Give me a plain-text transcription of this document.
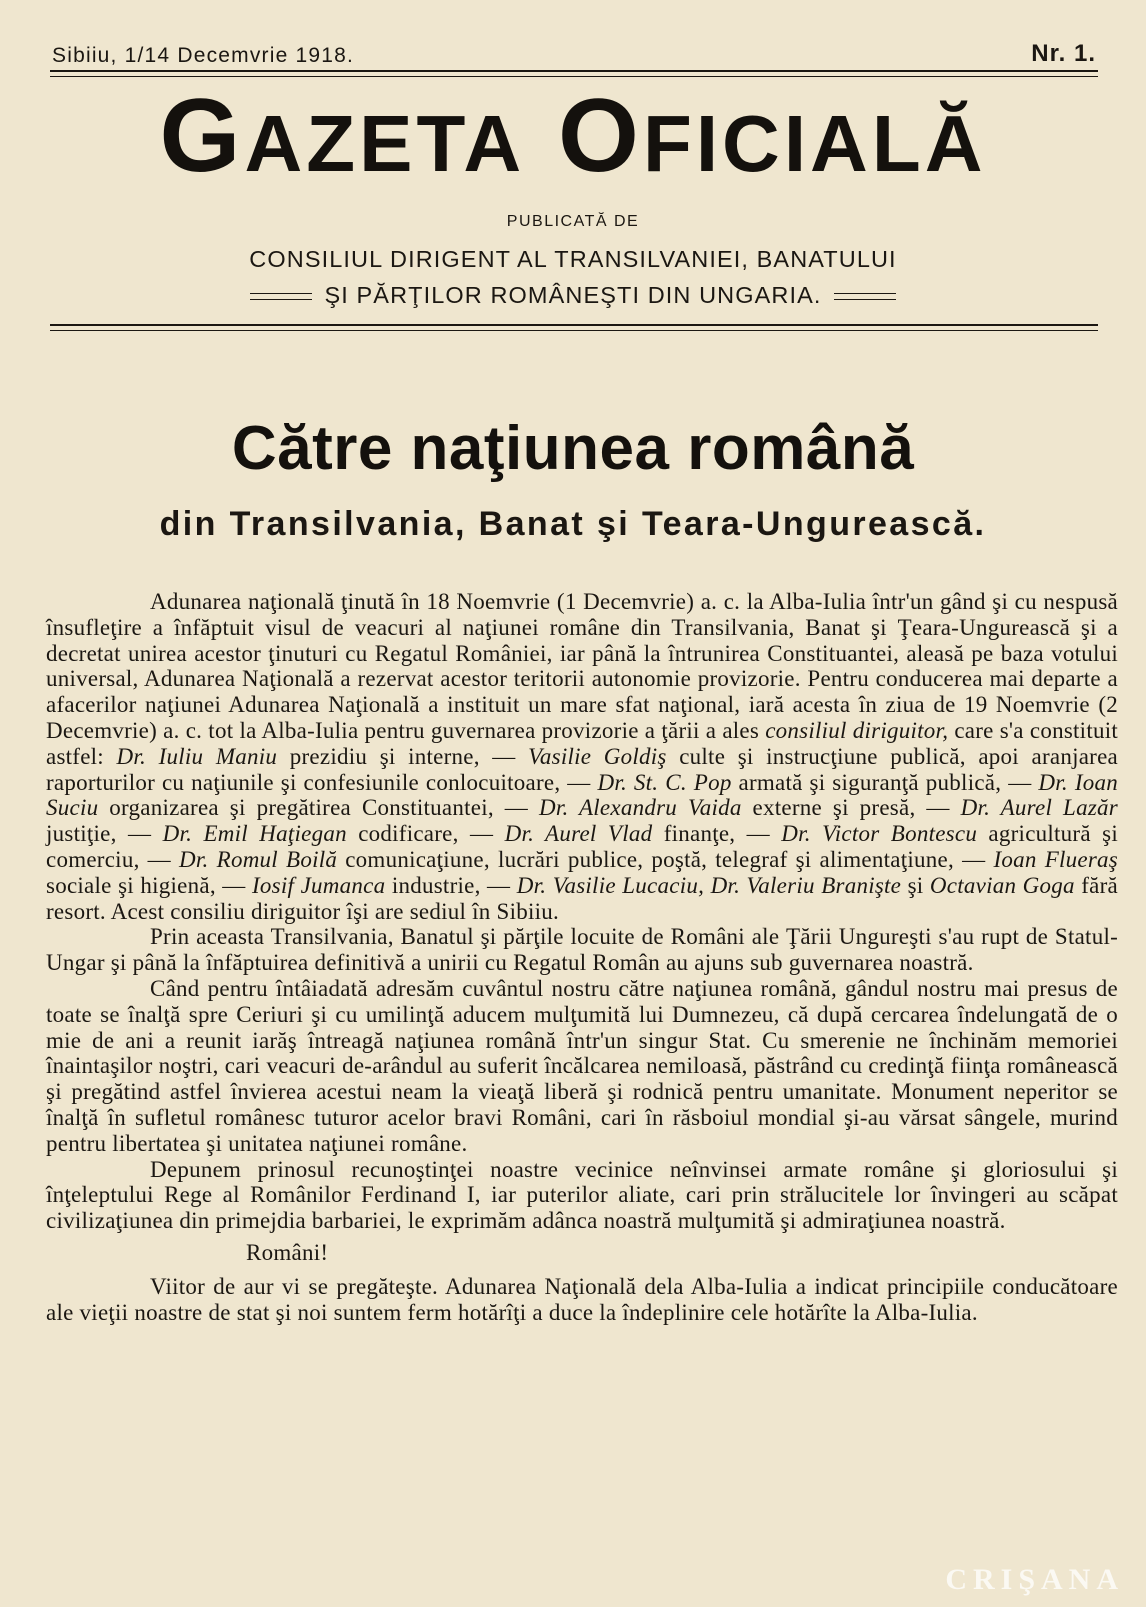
Sibiiu, 1/14 Decemvrie 1918.	Nr. 1.
GAZETA OFICIALĂ
PUBLICATĂ DE
CONSILIUL DIRIGENT AL TRANSILVANIEI, BANATULUI
ŞI PĂRŢILOR ROMÂNEŞTI DIN UNGARIA.
Către naţiunea română
din Transilvania, Banat şi Teara-Ungurească.

Adunarea naţională ţinută în 18 Noemvrie (1 Decemvrie) a. c. la Alba-Iulia într'un gând şi cu nespusă însufleţire a înfăptuit visul de veacuri al naţiunei române din Transilvania, Banat şi Ţeara-Ungurească şi a decretat unirea acestor ţinuturi cu Regatul României, iar până la întrunirea Constituantei, aleasă pe baza votului universal, Adunarea Naţională a rezervat acestor teritorii autonomie provizorie. Pentru conducerea mai departe a afacerilor naţiunei Adunarea Naţională a instituit un mare sfat naţional, iară acesta în ziua de 19 Noemvrie (2 Decemvrie) a. c. tot la Alba-Iulia pentru guvernarea provizorie a ţării a ales consiliul diriguitor, care s'a constituit astfel: Dr. Iuliu Maniu prezidiu şi interne, — Vasilie Goldiş culte şi instrucţiune publică, apoi aranjarea raporturilor cu naţiunile şi confesiunile conlocuitoare, — Dr. St. C. Pop armată şi siguranţă publică, — Dr. Ioan Suciu organizarea şi pregătirea Constituantei, — Dr. Alexandru Vaida externe şi presă, — Dr. Aurel Lazăr justiţie, — Dr. Emil Haţiegan codificare, — Dr. Aurel Vlad finanţe, — Dr. Victor Bontescu agricultură şi comerciu, — Dr. Romul Boilă comunicaţiune, lucrări publice, poştă, telegraf şi alimentaţiune, — Ioan Flueraş sociale şi higienă, — Iosif Jumanca industrie, — Dr. Vasilie Lucaciu, Dr. Valeriu Branişte şi Octavian Goga fără resort. Acest consiliu diriguitor îşi are sediul în Sibiiu.

Prin aceasta Transilvania, Banatul şi părţile locuite de Români ale Ţării Ungureşti s'au rupt de Statul-Ungar şi până la înfăptuirea definitivă a unirii cu Regatul Român au ajuns sub guvernarea noastră.

Când pentru întâiadată adresăm cuvântul nostru către naţiunea română, gândul nostru mai presus de toate se înalţă spre Ceriuri şi cu umilinţă aducem mulţumită lui Dumnezeu, că după cercarea îndelungată de o mie de ani a reunit iarăş întreagă naţiunea română într'un singur Stat. Cu smerenie ne închinăm memoriei înaintaşilor noştri, cari veacuri de-arândul au suferit încălcarea nemiloasă, păstrând cu credinţă fiinţa românească şi pregătind astfel învierea acestui neam la vieaţă liberă şi rodnică pentru umanitate. Monument neperitor se înalţă în sufletul românesc tuturor acelor bravi Români, cari în răsboiul mondial şi-au vărsat sângele, murind pentru libertatea şi unitatea naţiunei române.

Depunem prinosul recunoştinţei noastre vecinice neînvinsei armate române şi gloriosului şi înţeleptului Rege al Românilor Ferdinand I, iar puterilor aliate, cari prin strălucitele lor învingeri au scăpat civilizaţiunea din primejdia barbariei, le exprimăm adânca noastră mulţumită şi admiraţiunea noastră.

Români!

Viitor de aur vi se pregăteşte. Adunarea Naţională dela Alba-Iulia a indicat principiile conducătoare ale vieţii noastre de stat şi noi suntem ferm hotărîţi a duce la îndeplinire cele hotărîte la Alba-Iulia.

CRIŞANA
